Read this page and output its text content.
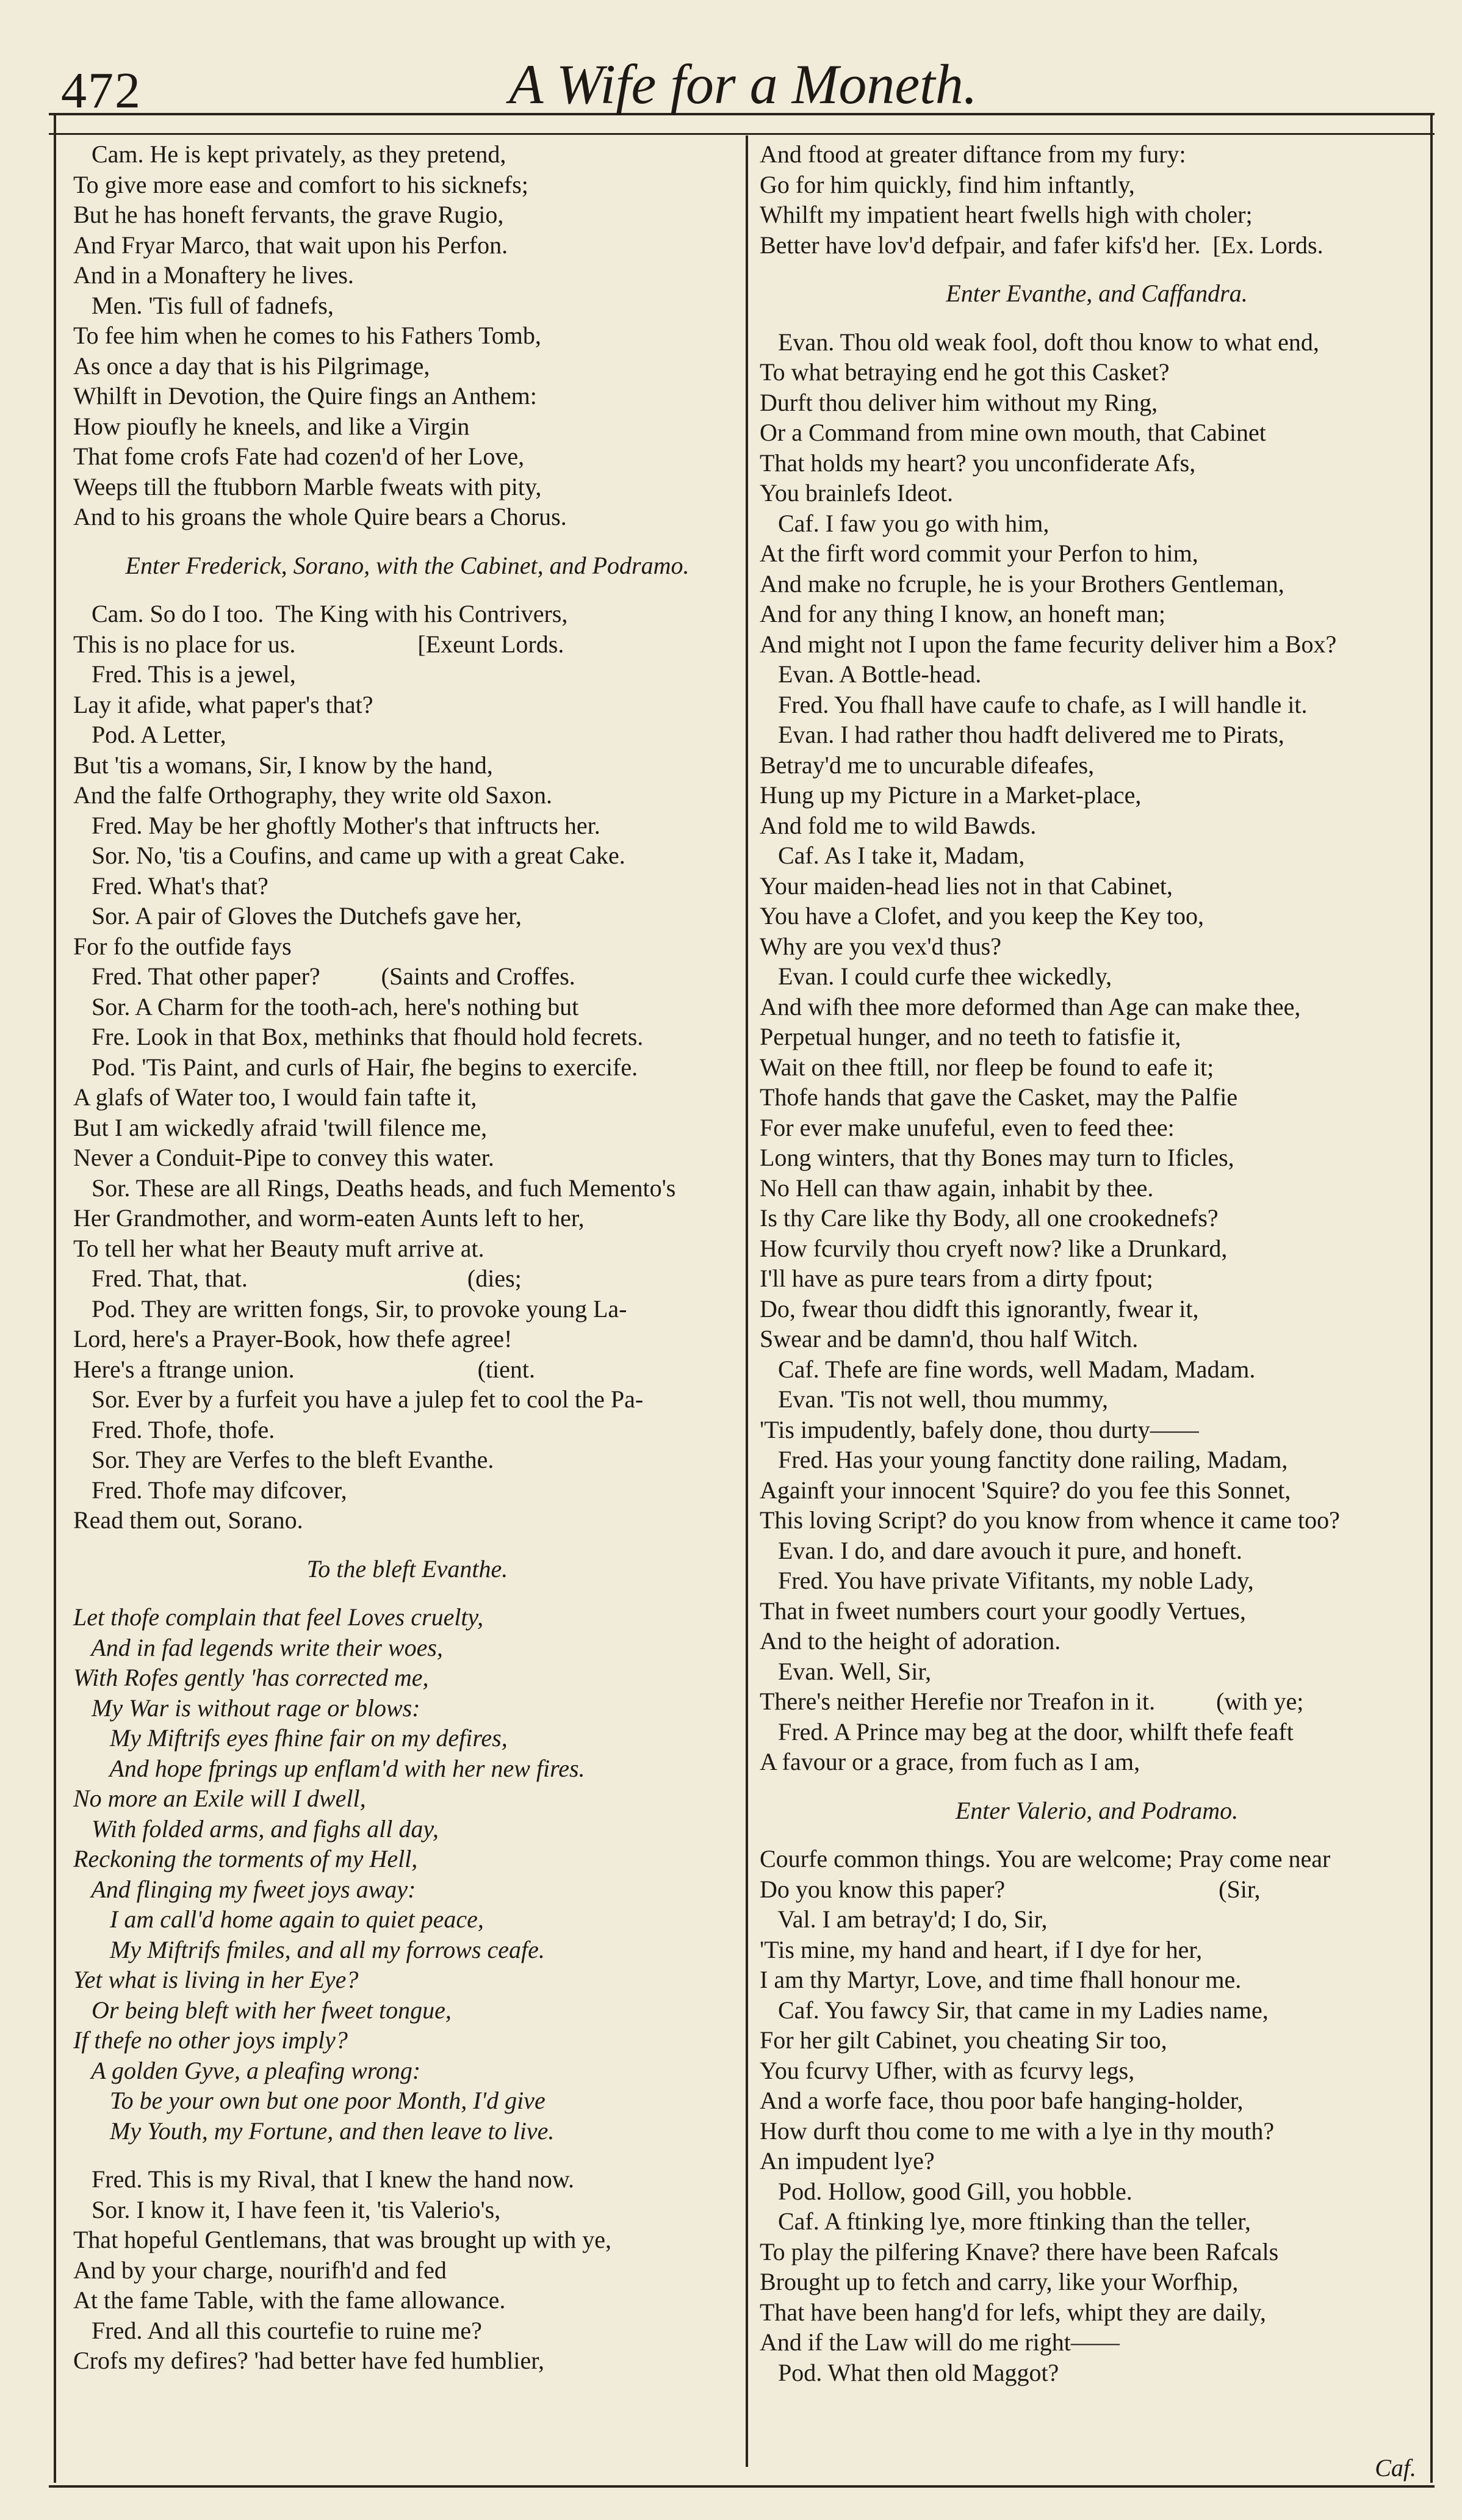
472	A Wife for a Moneth.
Cam. He is kept privately, as they pretend,
To give more ease and comfort to his sicknefs;
But he has honeft fervants, the grave Rugio,
And Fryar Marco, that wait upon his Perfon.
And in a Monaftery he lives.
Men. 'Tis full of fadnefs,
To fee him when he comes to his Fathers Tomb,
As once a day that is his Pilgrimage,
Whilft in Devotion, the Quire fings an Anthem:
How pioufly he kneels, and like a Virgin
That fome crofs Fate had cozen'd of her Love,
Weeps till the ftubborn Marble fweats with pity,
And to his groans the whole Quire bears a Chorus.
Enter Frederick, Sorano, with the Cabinet, and Podramo.
Cam. So do I too.  The King with his Contrivers,
This is no place for us.                    [Exeunt Lords.
Fred. This is a jewel,
Lay it afide, what paper's that?
Pod. A Letter,
But 'tis a womans, Sir, I know by the hand,
And the falfe Orthography, they write old Saxon.
Fred. May be her ghoftly Mother's that inftructs her.
Sor. No, 'tis a Coufins, and came up with a great Cake.
Fred. What's that?
Sor. A pair of Gloves the Dutchefs gave her,
For fo the outfide fays
Fred. That other paper?          (Saints and Croffes.
Sor. A Charm for the tooth-ach, here's nothing but
Fre. Look in that Box, methinks that fhould hold fecrets.
Pod. 'Tis Paint, and curls of Hair, fhe begins to exercife.
A glafs of Water too, I would fain tafte it,
But I am wickedly afraid 'twill filence me,
Never a Conduit-Pipe to convey this water.
Sor. These are all Rings, Deaths heads, and fuch Memento's
Her Grandmother, and worm-eaten Aunts left to her,
To tell her what her Beauty muft arrive at.
Fred. That, that.                                    (dies;
Pod. They are written fongs, Sir, to provoke young La-
Lord, here's a Prayer-Book, how thefe agree!
Here's a ftrange union.                              (tient.
Sor. Ever by a furfeit you have a julep fet to cool the Pa-
Fred. Thofe, thofe.
Sor. They are Verfes to the bleft Evanthe.
Fred. Thofe may difcover,
Read them out, Sorano.
To the bleft Evanthe.
Let thofe complain that feel Loves cruelty,
And in fad legends write their woes,
With Rofes gently 'has corrected me,
My War is without rage or blows:
My Miftrifs eyes fhine fair on my defires,
And hope fprings up enflam'd with her new fires.
No more an Exile will I dwell,
With folded arms, and fighs all day,
Reckoning the torments of my Hell,
And flinging my fweet joys away:
I am call'd home again to quiet peace,
My Miftrifs fmiles, and all my forrows ceafe.
Yet what is living in her Eye?
Or being bleft with her fweet tongue,
If thefe no other joys imply?
A golden Gyve, a pleafing wrong:
To be your own but one poor Month, I'd give
My Youth, my Fortune, and then leave to live.
Fred. This is my Rival, that I knew the hand now.
Sor. I know it, I have feen it, 'tis Valerio's,
That hopeful Gentlemans, that was brought up with ye,
And by your charge, nourifh'd and fed
At the fame Table, with the fame allowance.
Fred. And all this courtefie to ruine me?
Crofs my defires? 'had better have fed humblier,
And ftood at greater diftance from my fury:
Go for him quickly, find him inftantly,
Whilft my impatient heart fwells high with choler;
Better have lov'd defpair, and fafer kifs'd her.  [Ex. Lords.
Enter Evanthe, and Caffandra.
Evan. Thou old weak fool, doft thou know to what end,
To what betraying end he got this Casket?
Durft thou deliver him without my Ring,
Or a Command from mine own mouth, that Cabinet
That holds my heart? you unconfiderate Afs,
You brainlefs Ideot.
Caf. I faw you go with him,
At the firft word commit your Perfon to him,
And make no fcruple, he is your Brothers Gentleman,
And for any thing I know, an honeft man;
And might not I upon the fame fecurity deliver him a Box?
Evan. A Bottle-head.
Fred. You fhall have caufe to chafe, as I will handle it.
Evan. I had rather thou hadft delivered me to Pirats,
Betray'd me to uncurable difeafes,
Hung up my Picture in a Market-place,
And fold me to wild Bawds.
Caf. As I take it, Madam,
Your maiden-head lies not in that Cabinet,
You have a Clofet, and you keep the Key too,
Why are you vex'd thus?
Evan. I could curfe thee wickedly,
And wifh thee more deformed than Age can make thee,
Perpetual hunger, and no teeth to fatisfie it,
Wait on thee ftill, nor fleep be found to eafe it;
Thofe hands that gave the Casket, may the Palfie
For ever make unufeful, even to feed thee:
Long winters, that thy Bones may turn to Ificles,
No Hell can thaw again, inhabit by thee.
Is thy Care like thy Body, all one crookednefs?
How fcurvily thou cryeft now? like a Drunkard,
I'll have as pure tears from a dirty fpout;
Do, fwear thou didft this ignorantly, fwear it,
Swear and be damn'd, thou half Witch.
Caf. Thefe are fine words, well Madam, Madam.
Evan. 'Tis not well, thou mummy,
'Tis impudently, bafely done, thou durty——
Fred. Has your young fanctity done railing, Madam,
Againft your innocent 'Squire? do you fee this Sonnet,
This loving Script? do you know from whence it came too?
Evan. I do, and dare avouch it pure, and honeft.
Fred. You have private Vifitants, my noble Lady,
That in fweet numbers court your goodly Vertues,
And to the height of adoration.
Evan. Well, Sir,
There's neither Herefie nor Treafon in it.          (with ye;
Fred. A Prince may beg at the door, whilft thefe feaft
A favour or a grace, from fuch as I am,
Enter Valerio, and Podramo.
Courfe common things. You are welcome; Pray come near
Do you know this paper?                                   (Sir,
Val. I am betray'd; I do, Sir,
'Tis mine, my hand and heart, if I dye for her,
I am thy Martyr, Love, and time fhall honour me.
Caf. You fawcy Sir, that came in my Ladies name,
For her gilt Cabinet, you cheating Sir too,
You fcurvy Ufher, with as fcurvy legs,
And a worfe face, thou poor bafe hanging-holder,
How durft thou come to me with a lye in thy mouth?
An impudent lye?
Pod. Hollow, good Gill, you hobble.
Caf. A ftinking lye, more ftinking than the teller,
To play the pilfering Knave? there have been Rafcals
Brought up to fetch and carry, like your Worfhip,
That have been hang'd for lefs, whipt they are daily,
And if the Law will do me right——
Pod. What then old Maggot?
Caf.
